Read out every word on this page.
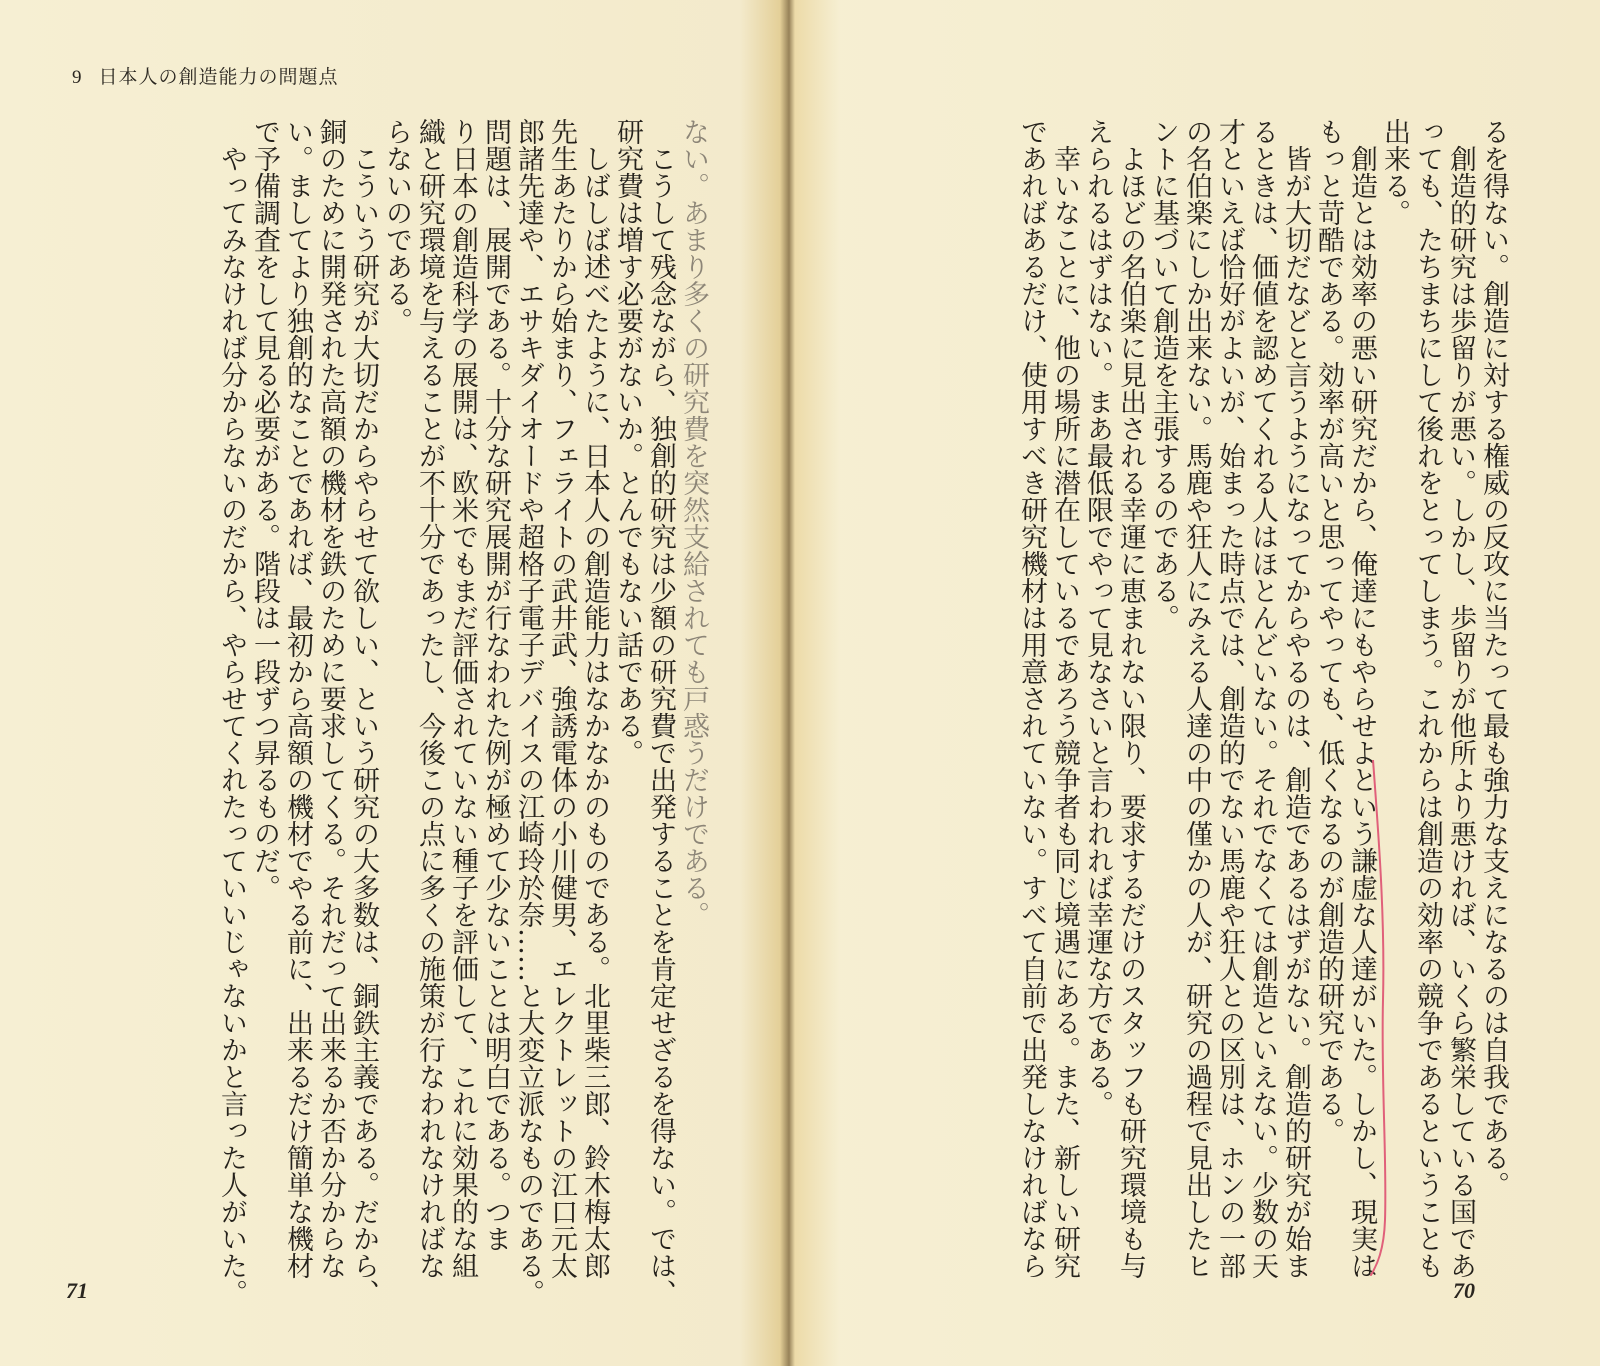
9 日本人の創造能力の問題点
ない。あまり多くの研究費を突然支給されても戸惑うだけである。
　こうして残念ながら、独創的研究は少額の研究費で出発することを肯定せざるを得ない。では、
研究費は増す必要がないか。とんでもない話である。
　しばしば述べたように、日本人の創造能力はなかなかのものである。北里柴三郎、鈴木梅太郎
先生あたりから始まり、フェライトの武井武、強誘電体の小川健男、エレクトレットの江口元太
郎諸先達や、エサキダイオードや超格子電子デバイスの江崎玲於奈……と大変立派なものである。
問題は、展開である。十分な研究展開が行なわれた例が極めて少ないことは明白である。つま
り日本の創造科学の展開は、欧米でもまだ評価されていない種子を評価して、これに効果的な組
織と研究環境を与えることが不十分であったし、今後この点に多くの施策が行なわれなければな
らないのである。
　こういう研究が大切だからやらせて欲しい、という研究の大多数は、銅鉄主義である。だから、
銅のために開発された高額の機材を鉄のために要求してくる。それだって出来るか否か分からな
い。ましてより独創的なことであれば、最初から高額の機材でやる前に、出来るだけ簡単な機材
で予備調査をして見る必要がある。階段は一段ずつ昇るものだ。
　やってみなければ分からないのだから、やらせてくれたっていいじゃないかと言った人がいた。
71
るを得ない。創造に対する権威の反攻に当たって最も強力な支えになるのは自我である。
　創造的研究は歩留りが悪い。しかし、歩留りが他所より悪ければ、いくら繁栄している国であ
っても、たちまちにして後れをとってしまう。これからは創造の効率の競争であるということも
出来る。
　創造とは効率の悪い研究だから、俺達にもやらせよという謙虚な人達がいた。しかし、現実は
もっと苛酷である。効率が高いと思ってやっても、低くなるのが創造的研究である。
　皆が大切だなどと言うようになってからやるのは、創造であるはずがない。創造的研究が始ま
るときは、価値を認めてくれる人はほとんどいない。それでなくては創造といえない。少数の天
才といえば恰好がよいが、始まった時点では、創造的でない馬鹿や狂人との区別は、ホンの一部
の名伯楽にしか出来ない。馬鹿や狂人にみえる人達の中の僅かの人が、研究の過程で見出したヒ
ントに基づいて創造を主張するのである。
　よほどの名伯楽に見出される幸運に恵まれない限り、要求するだけのスタッフも研究環境も与
えられるはずはない。まあ最低限でやって見なさいと言われれば幸運な方である。
　幸いなことに、他の場所に潜在しているであろう競争者も同じ境遇にある。また、新しい研究
であればあるだけ、使用すべき研究機材は用意されていない。すべて自前で出発しなければなら
70
